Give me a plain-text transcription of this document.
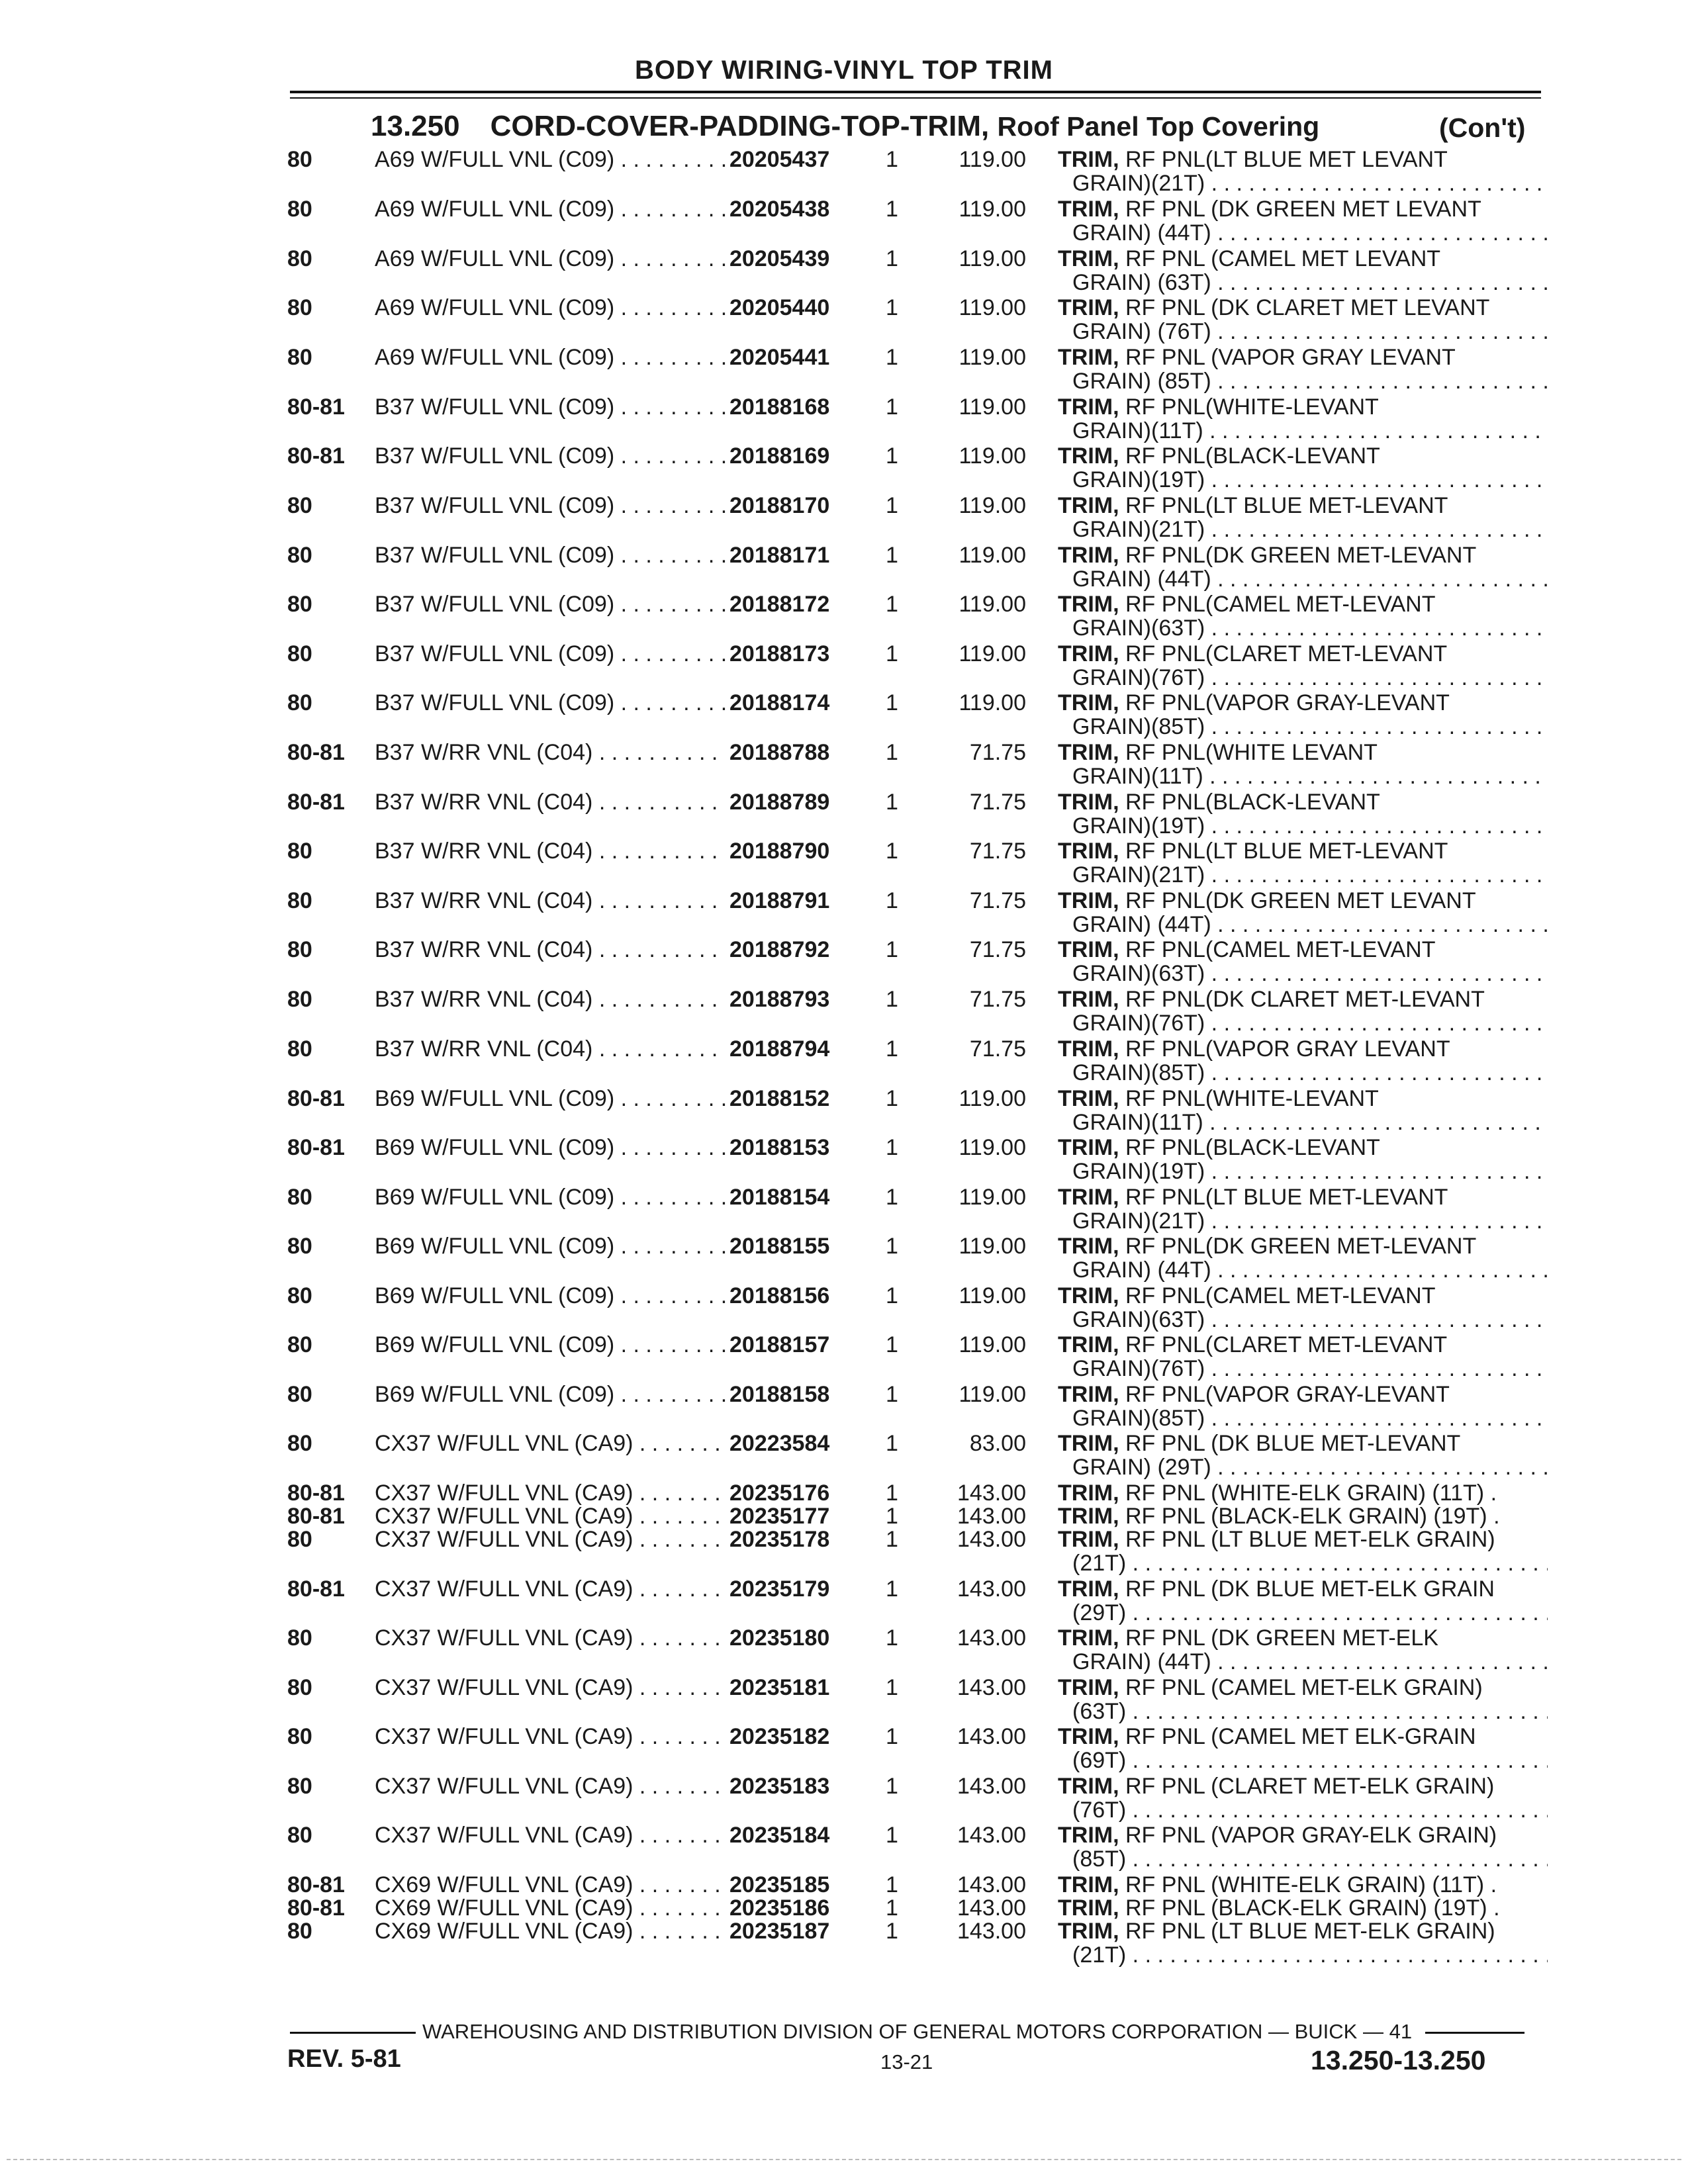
BODY WIRING-VINYL TOP TRIM
13.250 CORD-COVER-PADDING-TOP-TRIM, Roof Panel Top Covering	(Con't)
80	A69 W/FULL VNL (C09) . . .	20205437 1	119.00 TRIM, RF PNL(LT BLUE MET LEVANT
GRAIN)(21T) . . .
80	A69 W/FULL VNL (C09) . . .	20205438 1	119.00 TRIM, RF PNL (DK GREEN MET LEVANT
GRAIN) (44T) . . .
80	A69 W/FULL VNL (C09) . . .	20205439 1	119.00 TRIM, RF PNL (CAMEL MET LEVANT
GRAIN) (63T) . . .
80	A69 W/FULL VNL (C09) . . .	20205440 1	119.00 TRIM, RF PNL (DK CLARET MET LEVANT
GRAIN) (76T) . . .
80	A69 W/FULL VNL (C09) . . .	20205441 1	119.00 TRIM, RF PNL (VAPOR GRAY LEVANT
GRAIN) (85T) . . .
80-81 B37 W/FULL VNL (C09) . . .	20188168 1	119.00 TRIM, RF PNL(WHITE-LEVANT
GRAIN)(11T) . . .
80-81 B37 W/FULL VNL (C09) . . .	20188169 1	119.00 TRIM, RF PNL(BLACK-LEVANT
GRAIN)(19T) . . .
80	B37 W/FULL VNL (C09) . . .	20188170 1	119.00 TRIM, RF PNL(LT BLUE MET-LEVANT
GRAIN)(21T) . . .
80	B37 W/FULL VNL (C09) . . .	20188171 1	119.00 TRIM, RF PNL(DK GREEN MET-LEVANT
GRAIN) (44T) . . .
80	B37 W/FULL VNL (C09) . . .	20188172 1	119.00 TRIM, RF PNL(CAMEL MET-LEVANT
GRAIN)(63T) . . .
80	B37 W/FULL VNL (C09) . . .	20188173 1	119.00 TRIM, RF PNL(CLARET MET-LEVANT
GRAIN)(76T) . . .
80	B37 W/FULL VNL (C09) . . .	20188174 1	119.00 TRIM, RF PNL(VAPOR GRAY-LEVANT
GRAIN)(85T) . . .
80-81 B37 W/RR VNL (C04) . . .	20188788 1	71.75 TRIM, RF PNL(WHITE LEVANT
GRAIN)(11T) . . .
80-81 B37 W/RR VNL (C04) . . .	20188789 1	71.75 TRIM, RF PNL(BLACK-LEVANT
GRAIN)(19T) . . .
80	B37 W/RR VNL (C04) . . .	20188790 1	71.75 TRIM, RF PNL(LT BLUE MET-LEVANT
GRAIN)(21T) . . .
80	B37 W/RR VNL (C04) . . .	20188791 1	71.75 TRIM, RF PNL(DK GREEN MET LEVANT
GRAIN) (44T) . . .
80	B37 W/RR VNL (C04) . . .	20188792 1	71.75 TRIM, RF PNL(CAMEL MET-LEVANT
GRAIN)(63T) . . .
80	B37 W/RR VNL (C04) . . .	20188793 1	71.75 TRIM, RF PNL(DK CLARET MET-LEVANT
GRAIN)(76T) . . .
80	B37 W/RR VNL (C04) . . .	20188794 1	71.75 TRIM, RF PNL(VAPOR GRAY LEVANT
GRAIN)(85T) . . .
80-81 B69 W/FULL VNL (C09) . . .	20188152 1	119.00 TRIM, RF PNL(WHITE-LEVANT
GRAIN)(11T) . . .
80-81 B69 W/FULL VNL (C09) . . .	20188153 1	119.00 TRIM, RF PNL(BLACK-LEVANT
GRAIN)(19T) . . .
80	B69 W/FULL VNL (C09) . . .	20188154 1	119.00 TRIM, RF PNL(LT BLUE MET-LEVANT
GRAIN)(21T) . . .
80	B69 W/FULL VNL (C09) . . .	20188155 1	119.00 TRIM, RF PNL(DK GREEN MET-LEVANT
GRAIN) (44T) . . .
80	B69 W/FULL VNL (C09) . . .	20188156 1	119.00 TRIM, RF PNL(CAMEL MET-LEVANT
GRAIN)(63T) . . .
80	B69 W/FULL VNL (C09) . . .	20188157 1	119.00 TRIM, RF PNL(CLARET MET-LEVANT
GRAIN)(76T) . . .
80	B69 W/FULL VNL (C09) . . .	20188158 1	119.00 TRIM, RF PNL(VAPOR GRAY-LEVANT
GRAIN)(85T) . . .
80	CX37 W/FULL VNL (CA9) . . .	20223584 1	83.00 TRIM, RF PNL (DK BLUE MET-LEVANT
GRAIN) (29T) . . .
80-81 CX37 W/FULL VNL (CA9) . . .	20235176 1	143.00 TRIM, RF PNL (WHITE-ELK GRAIN) (11T) .
80-81 CX37 W/FULL VNL (CA9) . . .	20235177 1	143.00 TRIM, RF PNL (BLACK-ELK GRAIN) (19T) .
80	CX37 W/FULL VNL (CA9) . . .	20235178 1	143.00 TRIM, RF PNL (LT BLUE MET-ELK GRAIN)
(21T) . . .
80-81 CX37 W/FULL VNL (CA9) . . .	20235179 1	143.00 TRIM, RF PNL (DK BLUE MET-ELK GRAIN
(29T) . . .
80	CX37 W/FULL VNL (CA9) . . .	20235180 1	143.00 TRIM, RF PNL (DK GREEN MET-ELK
GRAIN) (44T) . . .
80	CX37 W/FULL VNL (CA9) . . .	20235181 1	143.00 TRIM, RF PNL (CAMEL MET-ELK GRAIN)
(63T) . . .
80	CX37 W/FULL VNL (CA9) . . .	20235182 1	143.00 TRIM, RF PNL (CAMEL MET ELK-GRAIN
(69T) . . .
80	CX37 W/FULL VNL (CA9) . . .	20235183 1	143.00 TRIM, RF PNL (CLARET MET-ELK GRAIN)
(76T) . . .
80	CX37 W/FULL VNL (CA9) . . .	20235184 1	143.00 TRIM, RF PNL (VAPOR GRAY-ELK GRAIN)
(85T) . . .
80-81 CX69 W/FULL VNL (CA9) . . .	20235185 1	143.00 TRIM, RF PNL (WHITE-ELK GRAIN) (11T) .
80-81 CX69 W/FULL VNL (CA9) . . .	20235186 1	143.00 TRIM, RF PNL (BLACK-ELK GRAIN) (19T) .
80	CX69 W/FULL VNL (CA9) . . .	20235187 1	143.00 TRIM, RF PNL (LT BLUE MET-ELK GRAIN)
(21T) . . .
WAREHOUSING AND DISTRIBUTION DIVISION OF GENERAL MOTORS CORPORATION — BUICK — 41
REV. 5-81	13-21	13.250-13.250
